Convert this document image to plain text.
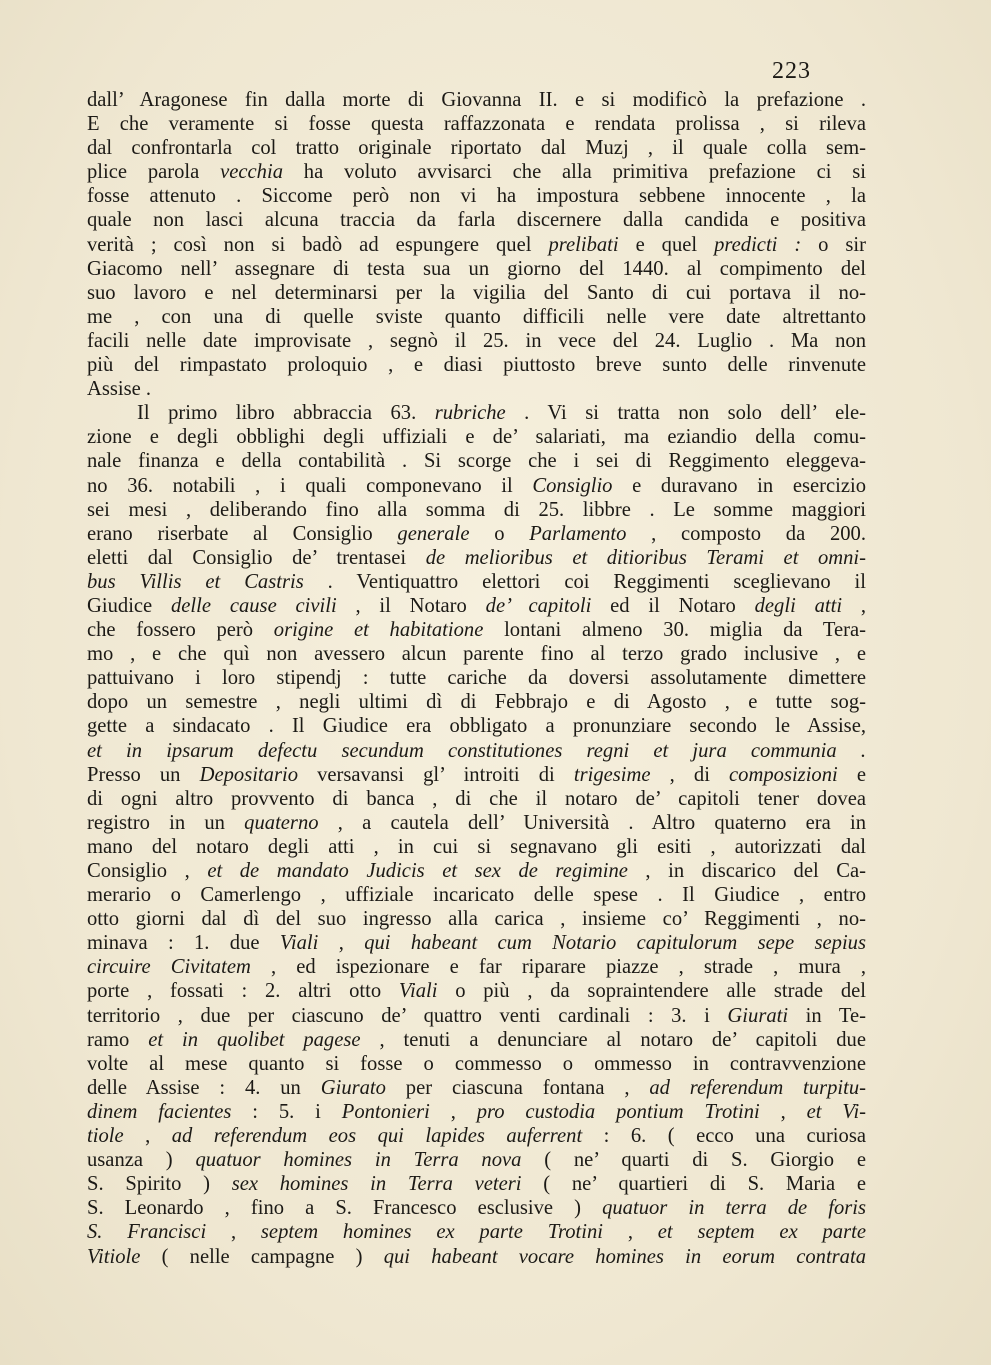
223
dall’ Aragonese fin dalla morte di Giovanna II. e si modificò la prefazione .
E che veramente si fosse questa raffazzonata e rendata prolissa , si rileva
dal confrontarla col tratto originale riportato dal Muzj , il quale colla sem-
plice parola vecchia ha voluto avvisarci che alla primitiva prefazione ci si
fosse attenuto . Siccome però non vi ha impostura sebbene innocente , la
quale non lasci alcuna traccia da farla discernere dalla candida e positiva
verità ; così non si badò ad espungere quel prelibati e quel predicti : o sir
Giacomo nell’ assegnare di testa sua un giorno del 1440. al compimento del
suo lavoro e nel determinarsi per la vigilia del Santo di cui portava il no-
me , con una di quelle sviste quanto difficili nelle vere date altrettanto
facili nelle date improvisate , segnò il 25. in vece del 24. Luglio . Ma non
più del rimpastato proloquio , e diasi piuttosto breve sunto delle rinvenute
Assise .
Il primo libro abbraccia 63. rubriche . Vi si tratta non solo dell’ ele-
zione e degli obblighi degli uffiziali e de’ salariati, ma eziandio della comu-
nale finanza e della contabilità . Si scorge che i sei di Reggimento eleggeva-
no 36. notabili , i quali componevano il Consiglio e duravano in esercizio
sei mesi , deliberando fino alla somma di 25. libbre . Le somme maggiori
erano riserbate al Consiglio generale o Parlamento , composto da 200.
eletti dal Consiglio de’ trentasei de melioribus et ditioribus Terami et omni-
bus Villis et Castris . Ventiquattro elettori coi Reggimenti sceglievano il
Giudice delle cause civili , il Notaro de’ capitoli ed il Notaro degli atti ,
che fossero però origine et habitatione lontani almeno 30. miglia da Tera-
mo , e che quì non avessero alcun parente fino al terzo grado inclusive , e
pattuivano i loro stipendj : tutte cariche da doversi assolutamente dimettere
dopo un semestre , negli ultimi dì di Febbrajo e di Agosto , e tutte sog-
gette a sindacato . Il Giudice era obbligato a pronunziare secondo le Assise,
et in ipsarum defectu secundum constitutiones regni et jura communia .
Presso un Depositario versavansi gl’ introiti di trigesime , di composizioni e
di ogni altro provvento di banca , di che il notaro de’ capitoli tener dovea
registro in un quaterno , a cautela dell’ Università . Altro quaterno era in
mano del notaro degli atti , in cui si segnavano gli esiti , autorizzati dal
Consiglio , et de mandato Judicis et sex de regimine , in discarico del Ca-
merario o Camerlengo , uffiziale incaricato delle spese . Il Giudice , entro
otto giorni dal dì del suo ingresso alla carica , insieme co’ Reggimenti , no-
minava : 1. due Viali , qui habeant cum Notario capitulorum sepe sepius
circuire Civitatem , ed ispezionare e far riparare piazze , strade , mura ,
porte , fossati : 2. altri otto Viali o più , da sopraintendere alle strade del
territorio , due per ciascuno de’ quattro venti cardinali : 3. i Giurati in Te-
ramo et in quolibet pagese , tenuti a denunciare al notaro de’ capitoli due
volte al mese quanto si fosse o commesso o ommesso in contravvenzione
delle Assise : 4. un Giurato per ciascuna fontana , ad referendum turpitu-
dinem facientes : 5. i Pontonieri , pro custodia pontium Trotini , et Vi-
tiole , ad referendum eos qui lapides auferrent : 6. ( ecco una curiosa
usanza ) quatuor homines in Terra nova ( ne’ quarti di S. Giorgio e
S. Spirito ) sex homines in Terra veteri ( ne’ quartieri di S. Maria e
S. Leonardo , fino a S. Francesco esclusive ) quatuor in terra de foris
S. Francisci , septem homines ex parte Trotini , et septem ex parte
Vitiole ( nelle campagne ) qui habeant vocare homines in eorum contrata
